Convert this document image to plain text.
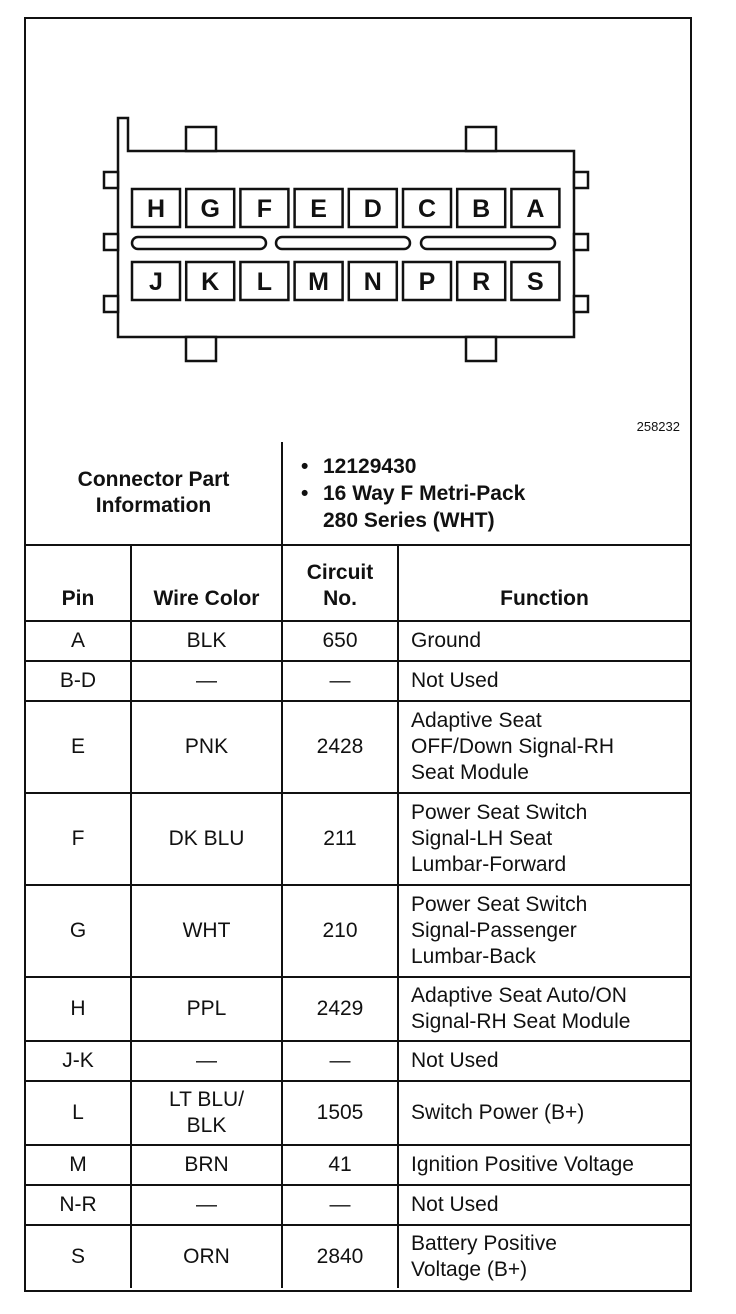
H G F E D C B A
J K L M N P R S
258232
Connector Part
Information		• 12129430
• 16 Way F Metri-Pack
280 Series (WHT)
Pin	Wire Color	Circuit
No.	Function
A	BLK	650	Ground
B-D	—	—	Not Used
E	PNK	2428	Adaptive Seat
OFF/Down Signal-RH
Seat Module
F	DK BLU	211	Power Seat Switch
Signal-LH Seat
Lumbar-Forward
G	WHT	210	Power Seat Switch
Signal-Passenger
Lumbar-Back
H	PPL	2429	Adaptive Seat Auto/ON
Signal-RH Seat Module
J-K	—	—	Not Used
L	LT BLU/
BLK	1505	Switch Power (B+)
M	BRN	41	Ignition Positive Voltage
N-R	—	—	Not Used
S	ORN	2840	Battery Positive
Voltage (B+)
